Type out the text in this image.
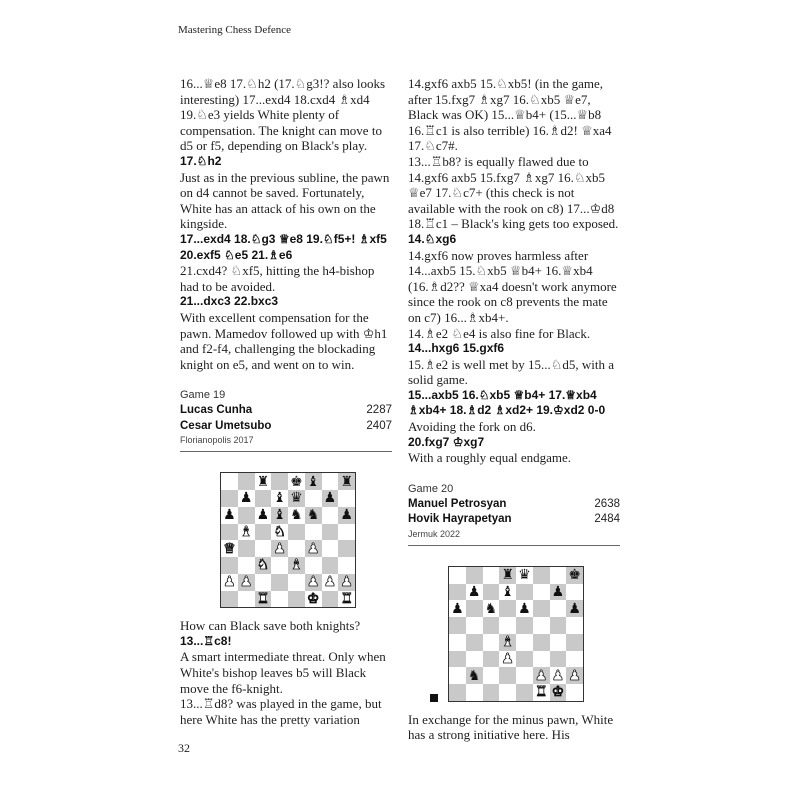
Mastering Chess Defence

16...♕e8 17.♘h2 (17.♘g3!? also looks interesting) 17...exd4 18.cxd4 ♗xd4 19.♘e3 yields White plenty of compensation. The knight can move to d5 or f5, depending on Black's play.

17.♘h2

Just as in the previous subline, the pawn on d4 cannot be saved. Fortunately, White has an attack of his own on the kingside.

17...exd4 18.♘g3 ♕e8 19.♘f5+! ♗xf5 20.exf5 ♘e5 21.♗e6

21.cxd4? ♘xf5, hitting the h4-bishop had to be avoided.

21...dxc3 22.bxc3

With excellent compensation for the pawn. Mamedov followed up with ♔h1 and f2-f4, challenging the blockading knight on e5, and went on to win.

Game 19
Lucas Cunha	2287
Cesar Umetsubo	2407
Florianopolis 2017
♜ ♚ ♝ ♜
♟ ♝ ♛ ♟
♟ ♟ ♝ ♞ ♞ ♟
♝ ♞
♛	♟ ♟
♞ ♝
♟ ♟	♟ ♟ ♟
♜	♚ ♜

How can Black save both knights?

13...♖c8!

A smart intermediate threat. Only when White's bishop leaves b5 will Black move the f6-knight.

13...♖d8? was played in the game, but here White has the pretty variation

14.gxf6 axb5 15.♘xb5! (in the game, after 15.fxg7 ♗xg7 16.♘xb5 ♕e7, Black was OK) 15...♕b4+ (15...♕b8 16.♖c1 is also terrible) 16.♗d2! ♕xa4 17.♘c7#.

13...♖b8? is equally flawed due to 14.gxf6 axb5 15.fxg7 ♗xg7 16.♘xb5 ♕e7 17.♘c7+ (this check is not available with the rook on c8) 17...♔d8 18.♖c1 – Black's king gets too exposed.

14.♘xg6

14.gxf6 now proves harmless after 14...axb5 15.♘xb5 ♕b4+ 16.♕xb4 (16.♗d2?? ♕xa4 doesn't work anymore since the rook on c8 prevents the mate on c7) 16...♗xb4+.

14.♗e2 ♘e4 is also fine for Black.

14...hxg6 15.gxf6

15.♗e2 is well met by 15...♘d5, with a solid game.

15...axb5 16.♘xb5 ♕b4+ 17.♕xb4 ♗xb4+ 18.♗d2 ♗xd2+ 19.♔xd2 0-0

Avoiding the fork on d6.

20.fxg7 ♔xg7

With a roughly equal endgame.

Game 20
Manuel Petrosyan	2638
Hovik Hayrapetyan	2484
Jermuk 2022
♜ ♛	♚
♟ ♝	♟
♟ ♞ ♟	♟
♝
♟
♞	♟ ♟ ♟
♜ ♚

In exchange for the minus pawn, White has a strong initiative here. His

32
